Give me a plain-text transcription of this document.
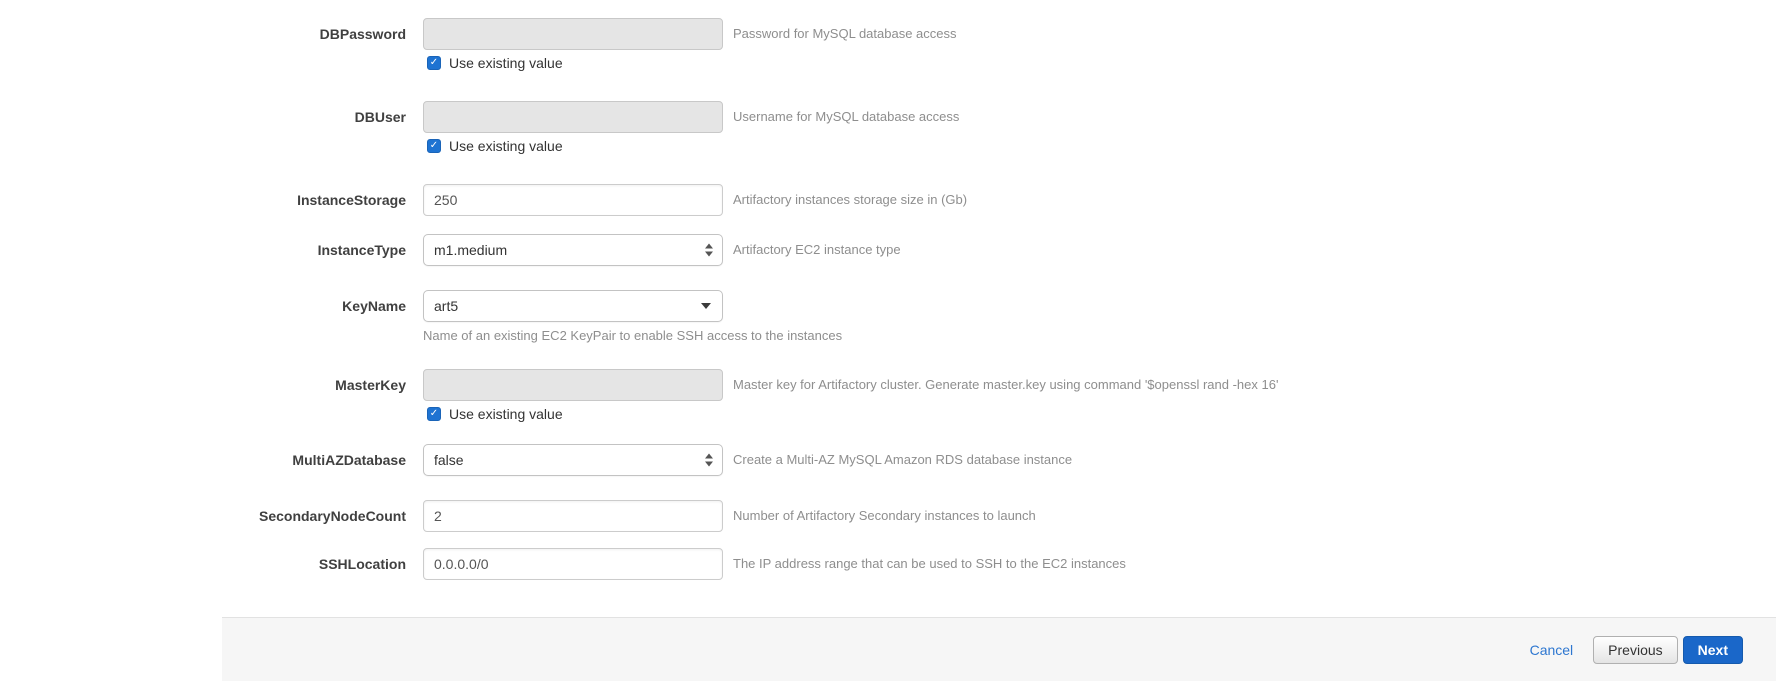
DBPassword
✓
Use existing value
Password for MySQL database access
DBUser
✓
Use existing value
Username for MySQL database access
InstanceStorage
250	Artifactory instances storage size in (Gb)
InstanceType m1.medium	Artifactory EC2 instance type
KeyName art5
Name of an existing EC2 KeyPair to enable SSH access to the instances
MasterKey
✓
Use existing value
Master key for Artifactory cluster. Generate master.key using command '$openssl rand -hex 16'
MultiAZDatabase false	Create a Multi-AZ MySQL Amazon RDS database instance
SecondaryNodeCount
2	Number of Artifactory Secondary instances to launch
SSHLocation
0.0.0.0/0	The IP address range that can be used to SSH to the EC2 instances
Cancel	Previous	Next
